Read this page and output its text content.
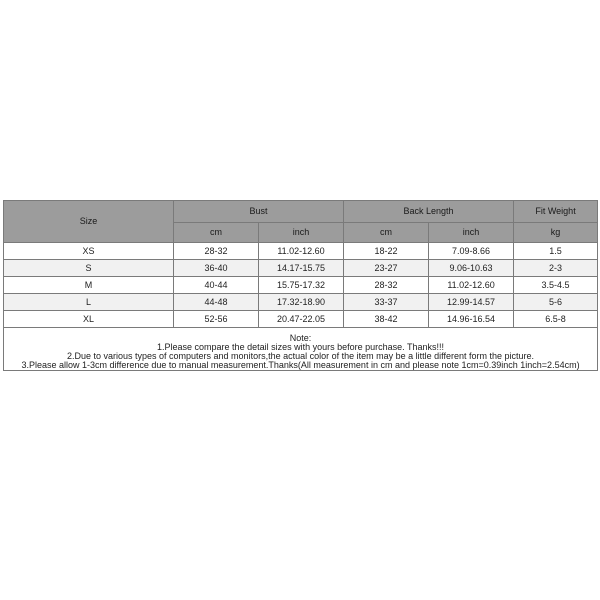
Size	Bust		Back Length		Fit Weight
	cm	inch	cm	inch	kg
XS	28-32	11.02-12.60	18-22	7.09-8.66	1.5
S	36-40	14.17-15.75	23-27	9.06-10.63	2-3
M	40-44	15.75-17.32	28-32	11.02-12.60	3.5-4.5
L	44-48	17.32-18.90	33-37	12.99-14.57	5-6
XL	52-56	20.47-22.05	38-42	14.96-16.54	6.5-8

Note:
1.Please compare the detail sizes with yours before purchase. Thanks!!!
2.Due to various types of computers and monitors,the actual color of the item may be a little different form the picture.
3.Please allow 1-3cm difference due to manual measurement.Thanks(All measurement in cm and please note 1cm=0.39inch 1inch=2.54cm)					
